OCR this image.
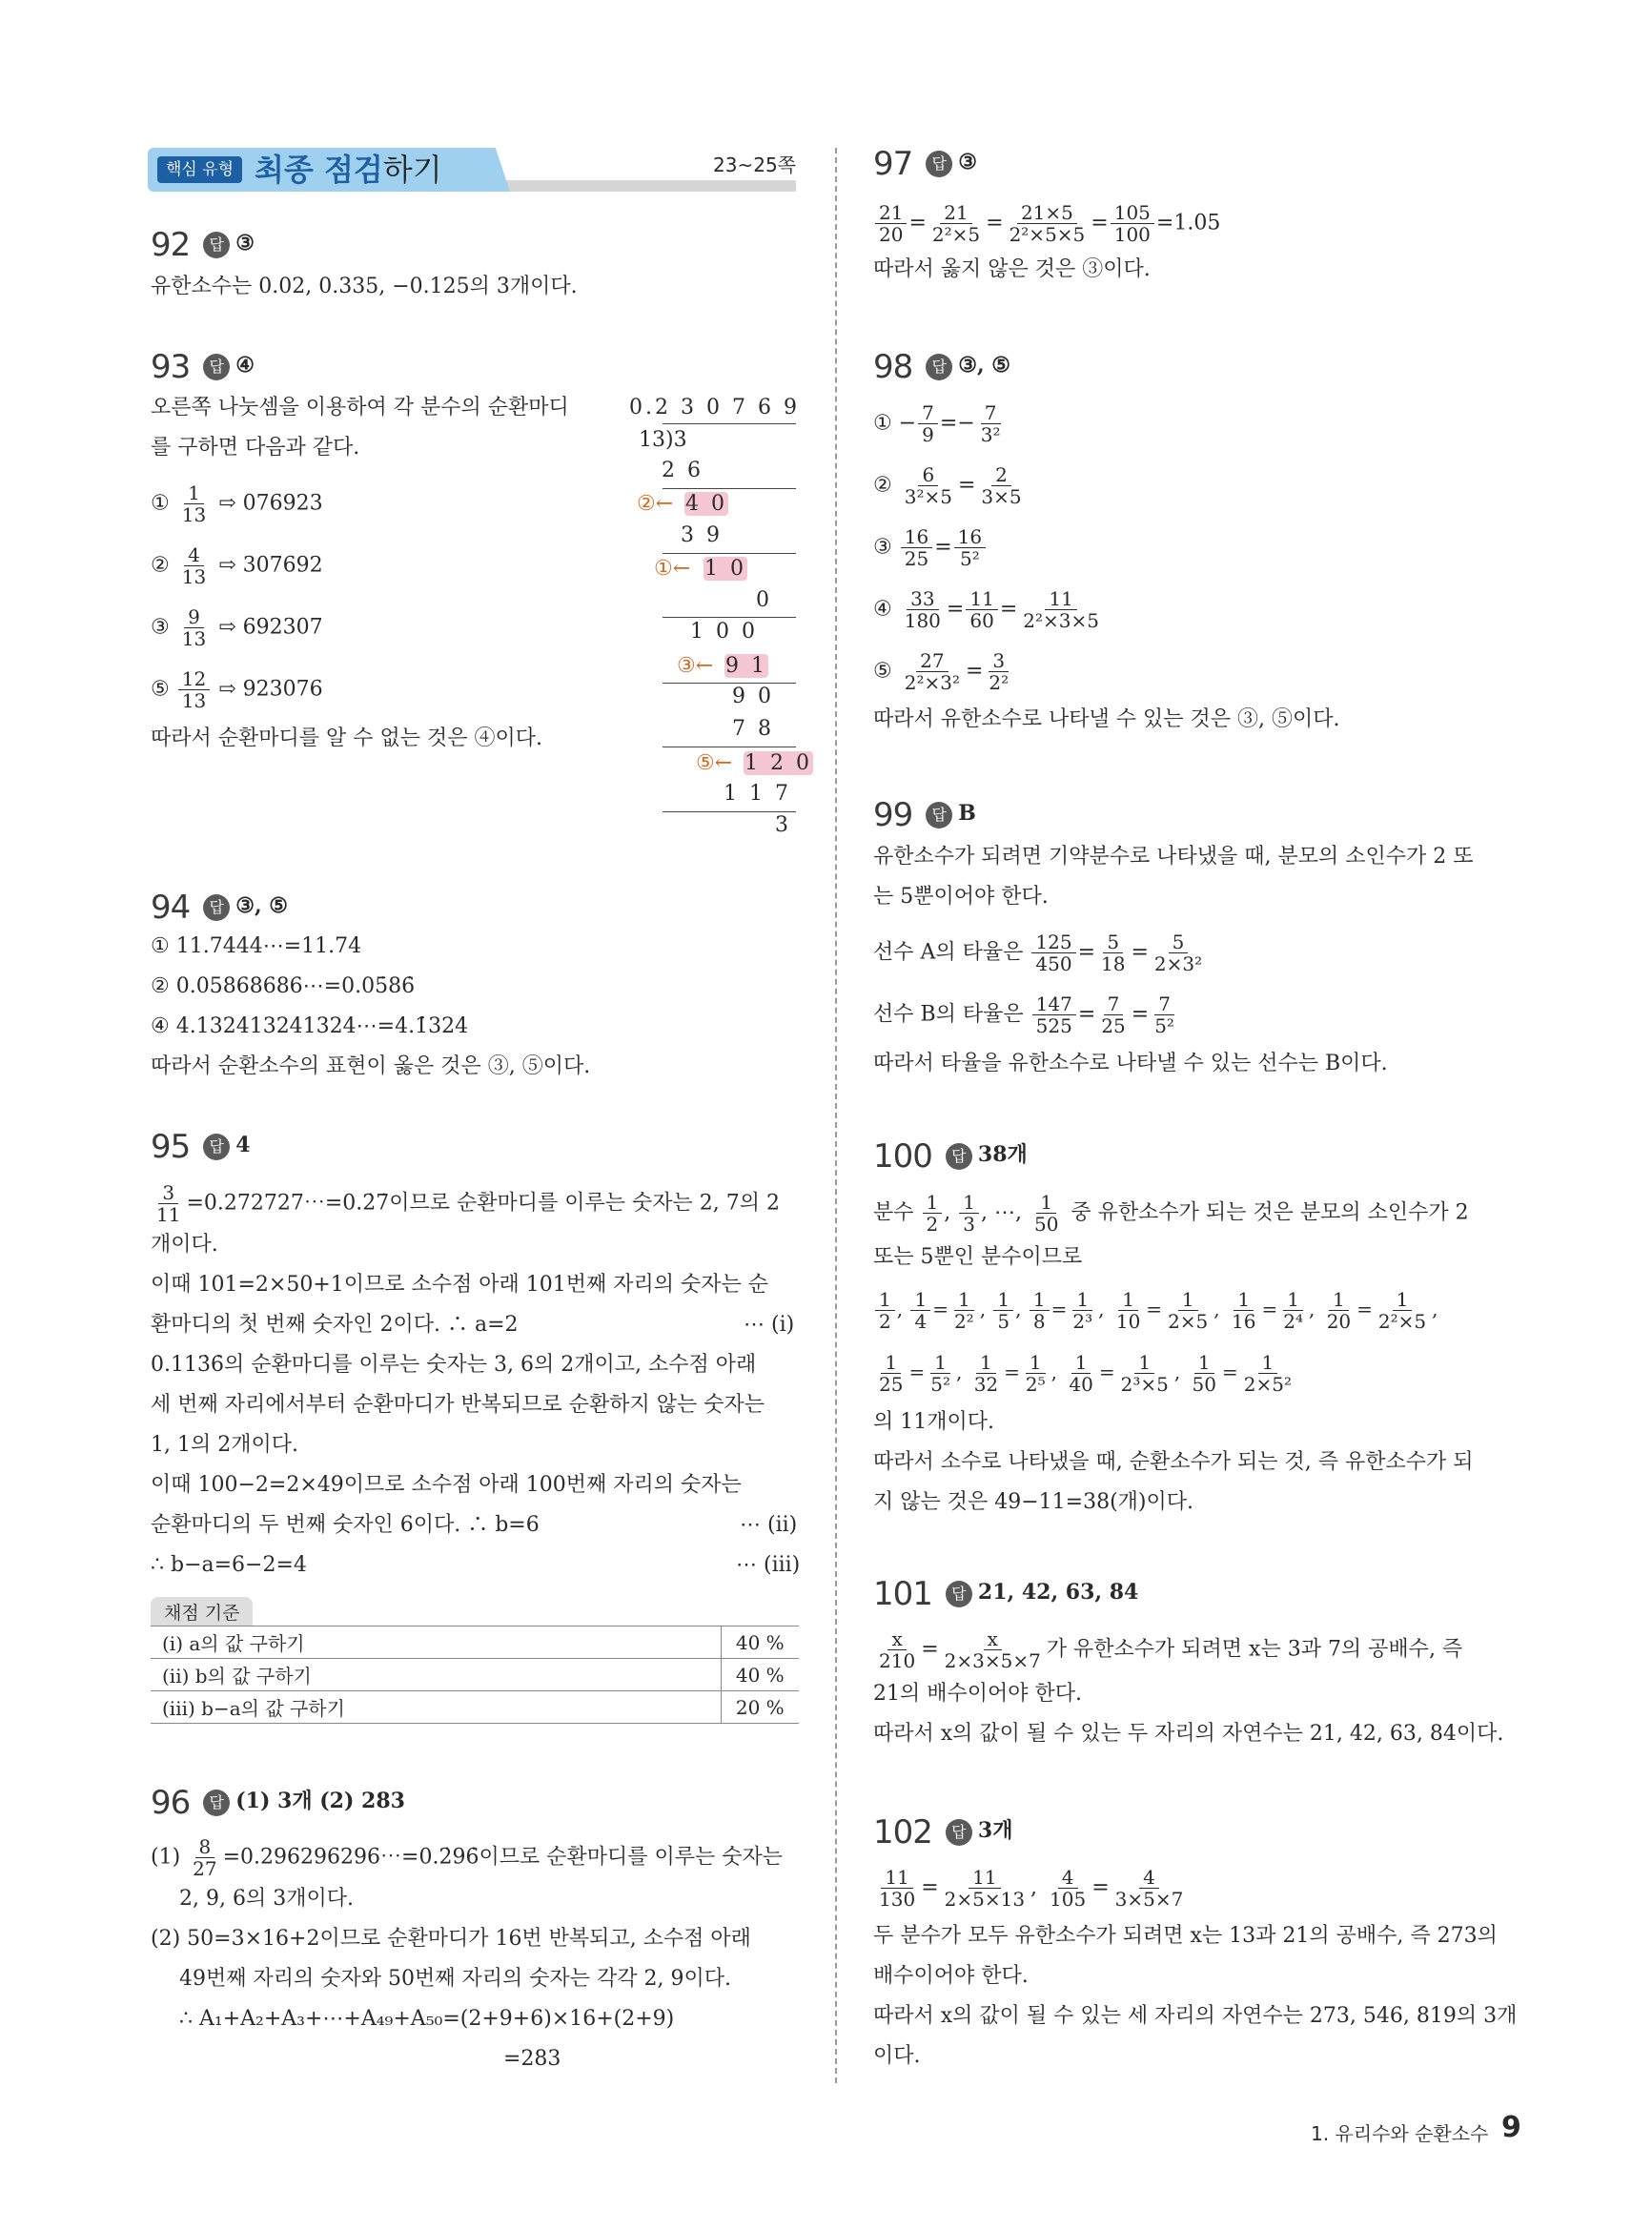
핵심 유형 최종 점검하기	23~25쪽
92 답 ③
유한소수는 0.02, 0.335, −0.125의 3개이다.
93 답 ④
오른쪽 나눗셈을 이용하여 각 분수의 순환마디
를 구하면 다음과 같다.
① $\frac{1}{13}$ ⇨ 076923
② $\frac{4}{13}$ ⇨ 307692
③ $\frac{9}{13}$ ⇨ 692307
⑤ $\frac{12}{13}$ ⇨ 923076
따라서 순환마디를 알 수 없는 것은 ④이다.
0.2 3 0 7 6 9
13)3
2 6
②← 4 0
3 9
①← 1 0
0
1 0 0
③← 9 1
9 0
7 8
⑤← 1 2 0
1 1 7
3
94 답 ③, ⑤
① 11.7444⋯=11.74̇
② 0.05868686⋯=0.05̇86̇
④ 4.132413241324⋯=4.1̇324̇
따라서 순환소수의 표현이 옳은 것은 ③, ⑤이다.
95 답 4
$\frac{3}{11}$ =0.272727⋯=0.2̇7̇이므로 순환마디를 이루는 숫자는 2, 7의 2
개이다.
이때 101=2×50+1이므로 소수점 아래 101번째 자리의 숫자는 순
환마디의 첫 번째 숫자인 2이다. ∴ a=2	⋯ (i)
0.113̇6̇의 순환마디를 이루는 숫자는 3, 6의 2개이고, 소수점 아래
세 번째 자리에서부터 순환마디가 반복되므로 순환하지 않는 숫자는
1, 1의 2개이다.
이때 100−2=2×49이므로 소수점 아래 100번째 자리의 숫자는
순환마디의 두 번째 숫자인 6이다. ∴ b=6	⋯ (ii)
∴ b−a=6−2=4	⋯ (iii)
채점 기준
(i) a의 값 구하기	40 %
(ii) b의 값 구하기	40 %
(iii) b−a의 값 구하기	20 %
96 답 (1) 3개 (2) 283
$(1) \frac{8}{27}$ =0.296296296⋯=0.2̇96̇이므로 순환마디를 이루는 숫자는
2, 9, 6의 3개이다.
(2) 50=3×16+2이므로 순환마디가 16번 반복되고, 소수점 아래
49번째 자리의 숫자와 50번째 자리의 숫자는 각각 2, 9이다.
∴ A₁+A₂+A₃+⋯+A₄₉+A₅₀=(2+9+6)×16+(2+9)
=283
97 답 ③
$\frac{21}{20} = \frac{21}{\text{2²×5}} = \frac{21\times 5}{\text{2²×5×5}} = \frac{105}{100} =1.05$
따라서 옳지 않은 것은 ③이다.
98 답 ③, ⑤
① − $\frac{7}{9} =- \frac{7}{\text{3²}}$
② $\frac{6}{\text{3²×5}} = \frac{2}{3\times 5}$
③ $\frac{16}{25} = \frac{16}{\text{5²}}$
④ $\frac{33}{180} = \frac{11}{60} = \frac{11}{\text{2²×3×5}}$
⑤ $\frac{27}{\text{2²×3²}} = \frac{3}{\text{2²}}$
따라서 유한소수로 나타낼 수 있는 것은 ③, ⑤이다.
99 답 B
유한소수가 되려면 기약분수로 나타냈을 때, 분모의 소인수가 2 또
는 5뿐이어야 한다.
선수 A의 타율은 $\frac{125}{450} = \frac{5}{18} = \frac{5}{\text{2×3²}}$
선수 B의 타율은 $\frac{147}{525} = \frac{7}{25} = \frac{7}{\text{5²}}$
따라서 타율을 유한소수로 나타낼 수 있는 선수는 B이다.
100 답 38개
분수 $\frac{1}{2}$ , $\frac{1}{3}$ , ⋯, $\frac{1}{50}$ 중 유한소수가 되는 것은 분모의 소인수가 2
또는 5뿐인 분수이므로
$\frac{1}{2}$ , $\frac{1}{4} = \frac{1}{\text{2²}}$ , $\frac{1}{5}$ , $\frac{1}{8} = \frac{1}{\text{2³}}$ , $\frac{1}{10} = \frac{1}{2\times 5}$ , $\frac{1}{16} = \frac{1}{\text{2⁴}}$ , $\frac{1}{20} = \frac{1}{\text{2²×5}}$ ,
$\frac{1}{25} = \frac{1}{\text{5²}}$ , $\frac{1}{32} = \frac{1}{\text{2⁵}}$ , $\frac{1}{40} = \frac{1}{\text{2³×5}}$ , $\frac{1}{50} = \frac{1}{\text{2×5²}}$
의 11개이다.
따라서 소수로 나타냈을 때, 순환소수가 되는 것, 즉 유한소수가 되
지 않는 것은 49−11=38(개)이다.
101 답 21, 42, 63, 84
$\frac{x}{210} = \frac{x}{2\times 3\times 5\times 7}$ 가 유한소수가 되려면 x는 3과 7의 공배수, 즉
21의 배수이어야 한다.
따라서 x의 값이 될 수 있는 두 자리의 자연수는 21, 42, 63, 84이다.
102 답 3개
$\frac{11}{130} = \frac{11}{2\times 5\times 13}$ , $\frac{4}{105} = \frac{4}{3\times 5\times 7}$
두 분수가 모두 유한소수가 되려면 x는 13과 21의 공배수, 즉 273의
배수이어야 한다.
따라서 x의 값이 될 수 있는 세 자리의 자연수는 273, 546, 819의 3개
이다.
1. 유리수와 순환소수 9
